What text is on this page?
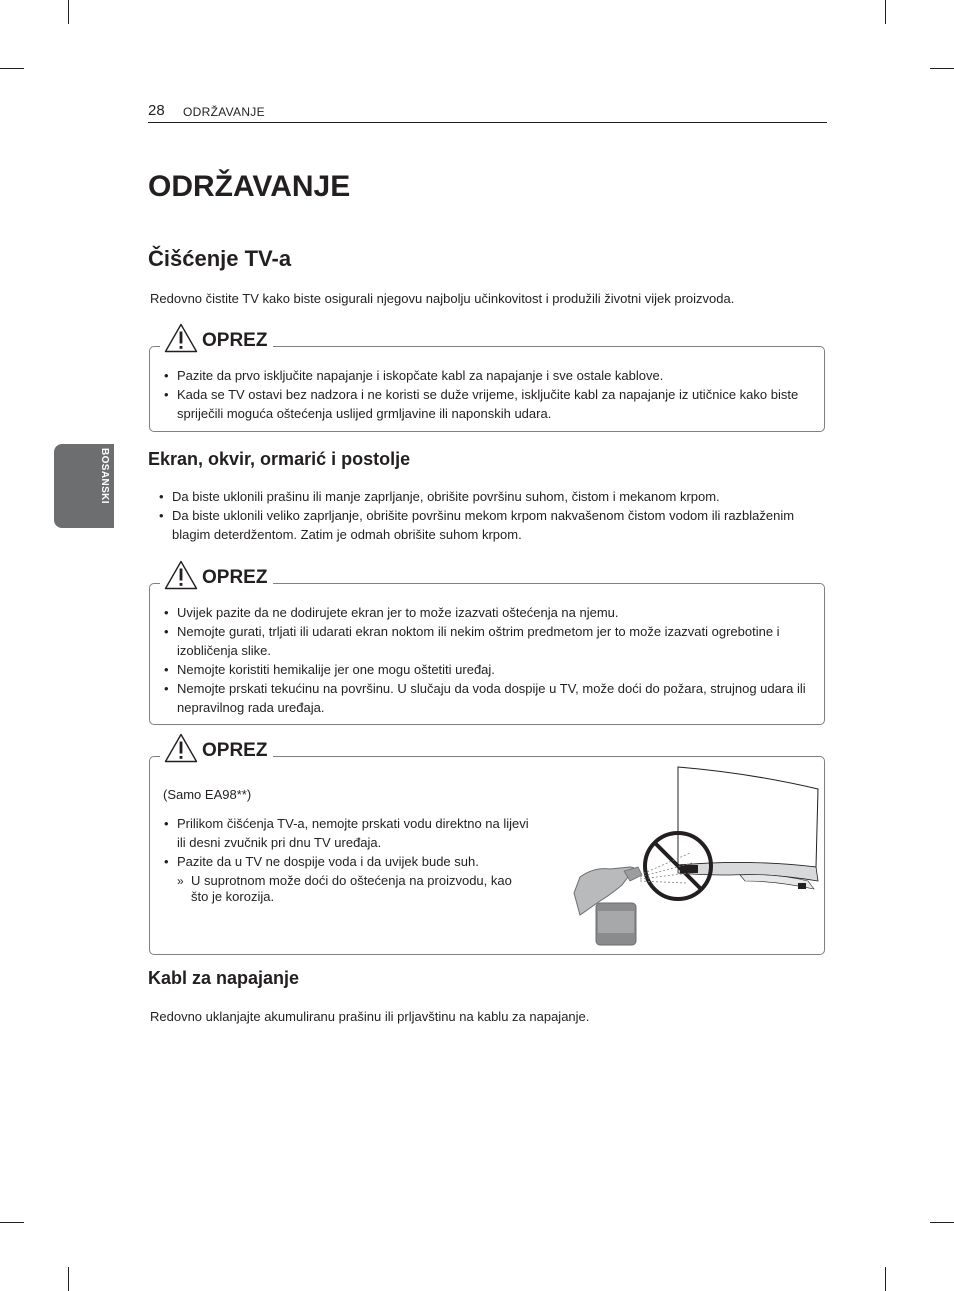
28 ODRŽAVANJE
BOSANSKI
ODRŽAVANJE
Čišćenje TV-a

Redovno čistite TV kako biste osigurali njegovu najbolju učinkovitost i produžili životni vijek proizvoda.

OPREZ
• Pazite da prvo isključite napajanje i iskopčate kabl za napajanje i sve ostale kablove.
• Kada se TV ostavi bez nadzora i ne koristi se duže vrijeme, isključite kabl za napajanje iz utičnice kako biste spriječili moguća oštećenja uslijed grmljavine ili naponskih udara.
Ekran, okvir, ormarić i postolje
• Da biste uklonili prašinu ili manje zaprljanje, obrišite površinu suhom, čistom i mekanom krpom.
• Da biste uklonili veliko zaprljanje, obrišite površinu mekom krpom nakvašenom čistom vodom ili razblaženim blagim deterdžentom. Zatim je odmah obrišite suhom krpom.
OPREZ
• Uvijek pazite da ne dodirujete ekran jer to može izazvati oštećenja na njemu.
• Nemojte gurati, trljati ili udarati ekran noktom ili nekim oštrim predmetom jer to može izazvati ogrebotine i izobličenja slike.
• Nemojte koristiti hemikalije jer one mogu oštetiti uređaj.
• Nemojte prskati tekućinu na površinu. U slučaju da voda dospije u TV, može doći do požara, strujnog udara ili nepravilnog rada uređaja.
OPREZ
(Samo EA98**)
• Prilikom čišćenja TV-a, nemojte prskati vodu direktno na lijevi ili desni zvučnik pri dnu TV uređaja.
• Pazite da u TV ne dospije voda i da uvijek bude suh.
» U suprotnom može doći do oštećenja na proizvodu, kao što je korozija.
Kabl za napajanje

Redovno uklanjajte akumuliranu prašinu ili prljavštinu na kablu za napajanje.
